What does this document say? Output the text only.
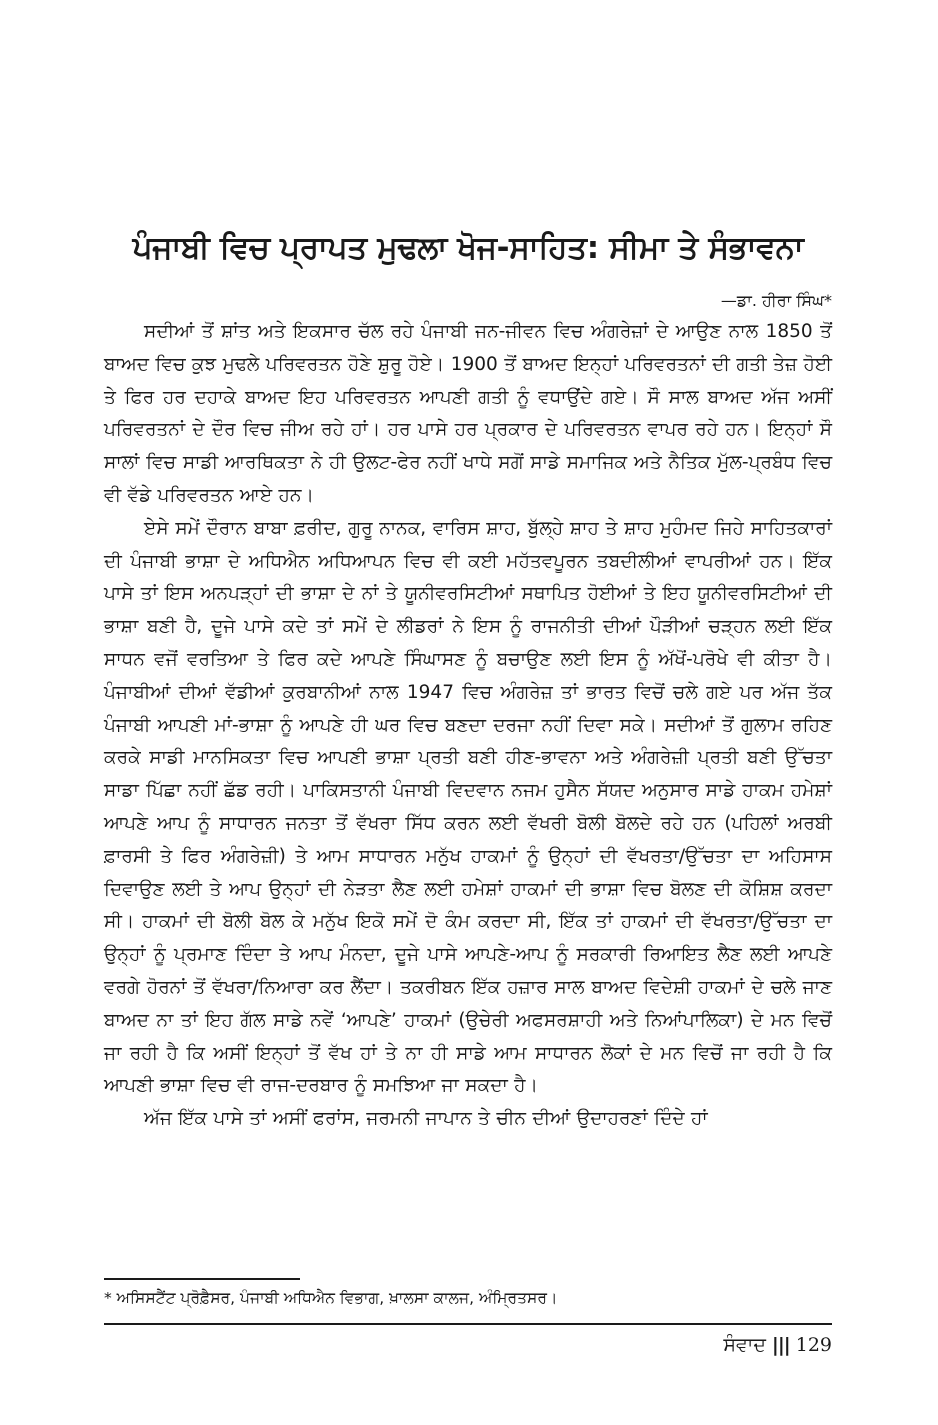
ਪੰਜਾਬੀ ਵਿਚ ਪ੍ਰਾਪਤ ਮੁਢਲਾ ਖੋਜ-ਸਾਹਿਤ: ਸੀਮਾ ਤੇ ਸੰਭਾਵਨਾ
—ਡਾ. ਹੀਰਾ ਸਿੰਘ*

ਸਦੀਆਂ ਤੋਂ ਸ਼ਾਂਤ ਅਤੇ ਇਕਸਾਰ ਚੱਲ ਰਹੇ ਪੰਜਾਬੀ ਜਨ-ਜੀਵਨ ਵਿਚ ਅੰਗਰੇਜ਼ਾਂ ਦੇ ਆਉਣ ਨਾਲ 1850 ਤੋਂ ਬਾਅਦ ਵਿਚ ਕੁਝ ਮੁਢਲੇ ਪਰਿਵਰਤਨ ਹੋਣੇ ਸ਼ੁਰੂ ਹੋਏ। 1900 ਤੋਂ ਬਾਅਦ ਇਨ੍ਹਾਂ ਪਰਿਵਰਤਨਾਂ ਦੀ ਗਤੀ ਤੇਜ਼ ਹੋਈ ਤੇ ਫਿਰ ਹਰ ਦਹਾਕੇ ਬਾਅਦ ਇਹ ਪਰਿਵਰਤਨ ਆਪਣੀ ਗਤੀ ਨੂੰ ਵਧਾਉਂਦੇ ਗਏ। ਸੌ ਸਾਲ ਬਾਅਦ ਅੱਜ ਅਸੀਂ ਪਰਿਵਰਤਨਾਂ ਦੇ ਦੌਰ ਵਿਚ ਜੀਅ ਰਹੇ ਹਾਂ। ਹਰ ਪਾਸੇ ਹਰ ਪ੍ਰਕਾਰ ਦੇ ਪਰਿਵਰਤਨ ਵਾਪਰ ਰਹੇ ਹਨ। ਇਨ੍ਹਾਂ ਸੌ ਸਾਲਾਂ ਵਿਚ ਸਾਡੀ ਆਰਥਿਕਤਾ ਨੇ ਹੀ ਉਲਟ-ਫੇਰ ਨਹੀਂ ਖਾਧੇ ਸਗੋਂ ਸਾਡੇ ਸਮਾਜਿਕ ਅਤੇ ਨੈਤਿਕ ਮੁੱਲ-ਪ੍ਰਬੰਧ ਵਿਚ ਵੀ ਵੱਡੇ ਪਰਿਵਰਤਨ ਆਏ ਹਨ।

ਏਸੇ ਸਮੇਂ ਦੌਰਾਨ ਬਾਬਾ ਫ਼ਰੀਦ, ਗੁਰੂ ਨਾਨਕ, ਵਾਰਿਸ ਸ਼ਾਹ, ਬੁੱਲ੍ਹੇ ਸ਼ਾਹ ਤੇ ਸ਼ਾਹ ਮੁਹੰਮਦ ਜਿਹੇ ਸਾਹਿਤਕਾਰਾਂ ਦੀ ਪੰਜਾਬੀ ਭਾਸ਼ਾ ਦੇ ਅਧਿਐਨ ਅਧਿਆਪਨ ਵਿਚ ਵੀ ਕਈ ਮਹੱਤਵਪੂਰਨ ਤਬਦੀਲੀਆਂ ਵਾਪਰੀਆਂ ਹਨ। ਇੱਕ ਪਾਸੇ ਤਾਂ ਇਸ ਅਨਪੜ੍ਹਾਂ ਦੀ ਭਾਸ਼ਾ ਦੇ ਨਾਂ ਤੇ ਯੂਨੀਵਰਸਿਟੀਆਂ ਸਥਾਪਿਤ ਹੋਈਆਂ ਤੇ ਇਹ ਯੂਨੀਵਰਸਿਟੀਆਂ ਦੀ ਭਾਸ਼ਾ ਬਣੀ ਹੈ, ਦੂਜੇ ਪਾਸੇ ਕਦੇ ਤਾਂ ਸਮੇਂ ਦੇ ਲੀਡਰਾਂ ਨੇ ਇਸ ਨੂੰ ਰਾਜਨੀਤੀ ਦੀਆਂ ਪੌੜੀਆਂ ਚੜ੍ਹਨ ਲਈ ਇੱਕ ਸਾਧਨ ਵਜੋਂ ਵਰਤਿਆ ਤੇ ਫਿਰ ਕਦੇ ਆਪਣੇ ਸਿੰਘਾਸਣ ਨੂੰ ਬਚਾਉਣ ਲਈ ਇਸ ਨੂੰ ਅੱਖੋਂ-ਪਰੋਖੇ ਵੀ ਕੀਤਾ ਹੈ। ਪੰਜਾਬੀਆਂ ਦੀਆਂ ਵੱਡੀਆਂ ਕੁਰਬਾਨੀਆਂ ਨਾਲ 1947 ਵਿਚ ਅੰਗਰੇਜ਼ ਤਾਂ ਭਾਰਤ ਵਿਚੋਂ ਚਲੇ ਗਏ ਪਰ ਅੱਜ ਤੱਕ ਪੰਜਾਬੀ ਆਪਣੀ ਮਾਂ-ਭਾਸ਼ਾ ਨੂੰ ਆਪਣੇ ਹੀ ਘਰ ਵਿਚ ਬਣਦਾ ਦਰਜਾ ਨਹੀਂ ਦਿਵਾ ਸਕੇ। ਸਦੀਆਂ ਤੋਂ ਗੁਲਾਮ ਰਹਿਣ ਕਰਕੇ ਸਾਡੀ ਮਾਨਸਿਕਤਾ ਵਿਚ ਆਪਣੀ ਭਾਸ਼ਾ ਪ੍ਰਤੀ ਬਣੀ ਹੀਣ-ਭਾਵਨਾ ਅਤੇ ਅੰਗਰੇਜ਼ੀ ਪ੍ਰਤੀ ਬਣੀ ਉੱਚਤਾ ਸਾਡਾ ਪਿੱਛਾ ਨਹੀਂ ਛੱਡ ਰਹੀ। ਪਾਕਿਸਤਾਨੀ ਪੰਜਾਬੀ ਵਿਦਵਾਨ ਨਜਮ ਹੁਸੈਨ ਸੱਯਦ ਅਨੁਸਾਰ ਸਾਡੇ ਹਾਕਮ ਹਮੇਸ਼ਾਂ ਆਪਣੇ ਆਪ ਨੂੰ ਸਾਧਾਰਨ ਜਨਤਾ ਤੋਂ ਵੱਖਰਾ ਸਿੱਧ ਕਰਨ ਲਈ ਵੱਖਰੀ ਬੋਲੀ ਬੋਲਦੇ ਰਹੇ ਹਨ (ਪਹਿਲਾਂ ਅਰਬੀ ਫ਼ਾਰਸੀ ਤੇ ਫਿਰ ਅੰਗਰੇਜ਼ੀ) ਤੇ ਆਮ ਸਾਧਾਰਨ ਮਨੁੱਖ ਹਾਕਮਾਂ ਨੂੰ ਉਨ੍ਹਾਂ ਦੀ ਵੱਖਰਤਾ/ਉੱਚਤਾ ਦਾ ਅਹਿਸਾਸ ਦਿਵਾਉਣ ਲਈ ਤੇ ਆਪ ਉਨ੍ਹਾਂ ਦੀ ਨੇੜਤਾ ਲੈਣ ਲਈ ਹਮੇਸ਼ਾਂ ਹਾਕਮਾਂ ਦੀ ਭਾਸ਼ਾ ਵਿਚ ਬੋਲਣ ਦੀ ਕੋਸ਼ਿਸ਼ ਕਰਦਾ ਸੀ। ਹਾਕਮਾਂ ਦੀ ਬੋਲੀ ਬੋਲ ਕੇ ਮਨੁੱਖ ਇਕੋ ਸਮੇਂ ਦੋ ਕੰਮ ਕਰਦਾ ਸੀ, ਇੱਕ ਤਾਂ ਹਾਕਮਾਂ ਦੀ ਵੱਖਰਤਾ/ਉੱਚਤਾ ਦਾ ਉਨ੍ਹਾਂ ਨੂੰ ਪ੍ਰਮਾਣ ਦਿੰਦਾ ਤੇ ਆਪ ਮੰਨਦਾ, ਦੂਜੇ ਪਾਸੇ ਆਪਣੇ-ਆਪ ਨੂੰ ਸਰਕਾਰੀ ਰਿਆਇਤ ਲੈਣ ਲਈ ਆਪਣੇ ਵਰਗੇ ਹੋਰਨਾਂ ਤੋਂ ਵੱਖਰਾ/ਨਿਆਰਾ ਕਰ ਲੈਂਦਾ। ਤਕਰੀਬਨ ਇੱਕ ਹਜ਼ਾਰ ਸਾਲ ਬਾਅਦ ਵਿਦੇਸ਼ੀ ਹਾਕਮਾਂ ਦੇ ਚਲੇ ਜਾਣ ਬਾਅਦ ਨਾ ਤਾਂ ਇਹ ਗੱਲ ਸਾਡੇ ਨਵੇਂ ‘ਆਪਣੇ’ ਹਾਕਮਾਂ (ਉਚੇਰੀ ਅਫਸਰਸ਼ਾਹੀ ਅਤੇ ਨਿਆਂਪਾਲਿਕਾ) ਦੇ ਮਨ ਵਿਚੋਂ ਜਾ ਰਹੀ ਹੈ ਕਿ ਅਸੀਂ ਇਨ੍ਹਾਂ ਤੋਂ ਵੱਖ ਹਾਂ ਤੇ ਨਾ ਹੀ ਸਾਡੇ ਆਮ ਸਾਧਾਰਨ ਲੋਕਾਂ ਦੇ ਮਨ ਵਿਚੋਂ ਜਾ ਰਹੀ ਹੈ ਕਿ ਆਪਣੀ ਭਾਸ਼ਾ ਵਿਚ ਵੀ ਰਾਜ-ਦਰਬਾਰ ਨੂੰ ਸਮਝਿਆ ਜਾ ਸਕਦਾ ਹੈ।

ਅੱਜ ਇੱਕ ਪਾਸੇ ਤਾਂ ਅਸੀਂ ਫਰਾਂਸ, ਜਰਮਨੀ ਜਾਪਾਨ ਤੇ ਚੀਨ ਦੀਆਂ ਉਦਾਹਰਣਾਂ ਦਿੰਦੇ ਹਾਂ

* ਅਸਿਸਟੈਂਟ ਪ੍ਰੋਫ਼ੈਸਰ, ਪੰਜਾਬੀ ਅਧਿਐਨ ਵਿਭਾਗ, ਖ਼ਾਲਸਾ ਕਾਲਜ, ਅੰਮ੍ਰਿਤਸਰ।
ਸੰਵਾਦ ||| 129
